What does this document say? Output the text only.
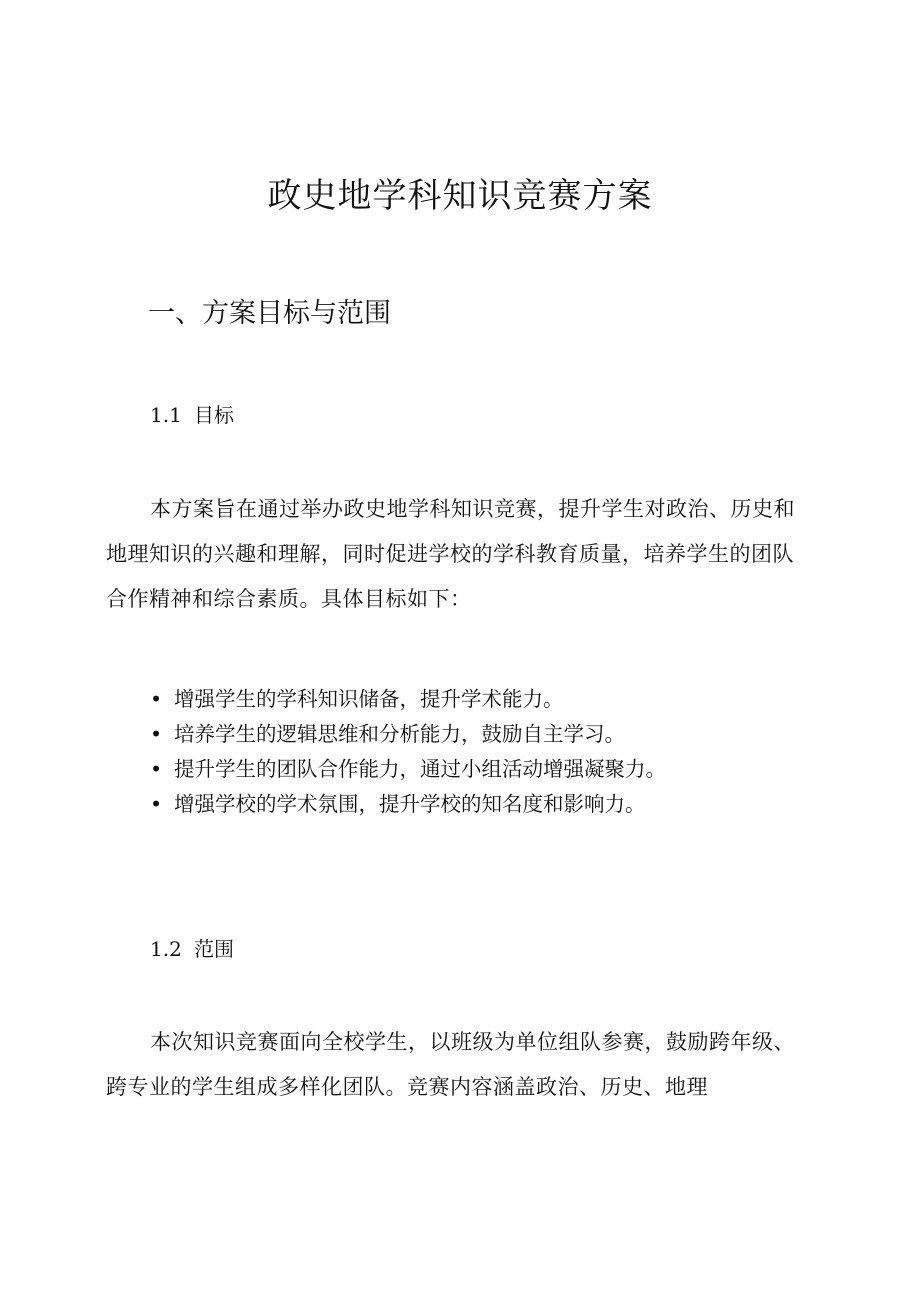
政史地学科知识竞赛方案
一、方案目标与范围
1.1 目标

本方案旨在通过举办政史地学科知识竞赛，提升学生对政治、历史和地理知识的兴趣和理解，同时促进学校的学科教育质量，培养学生的团队合作精神和综合素质。具体目标如下：

• 增强学生的学科知识储备，提升学术能力。
• 培养学生的逻辑思维和分析能力，鼓励自主学习。
• 提升学生的团队合作能力，通过小组活动增强凝聚力。
• 增强学校的学术氛围，提升学校的知名度和影响力。
1.2 范围

本次知识竞赛面向全校学生，以班级为单位组队参赛，鼓励跨年级、跨专业的学生组成多样化团队。竞赛内容涵盖政治、历史、地理
